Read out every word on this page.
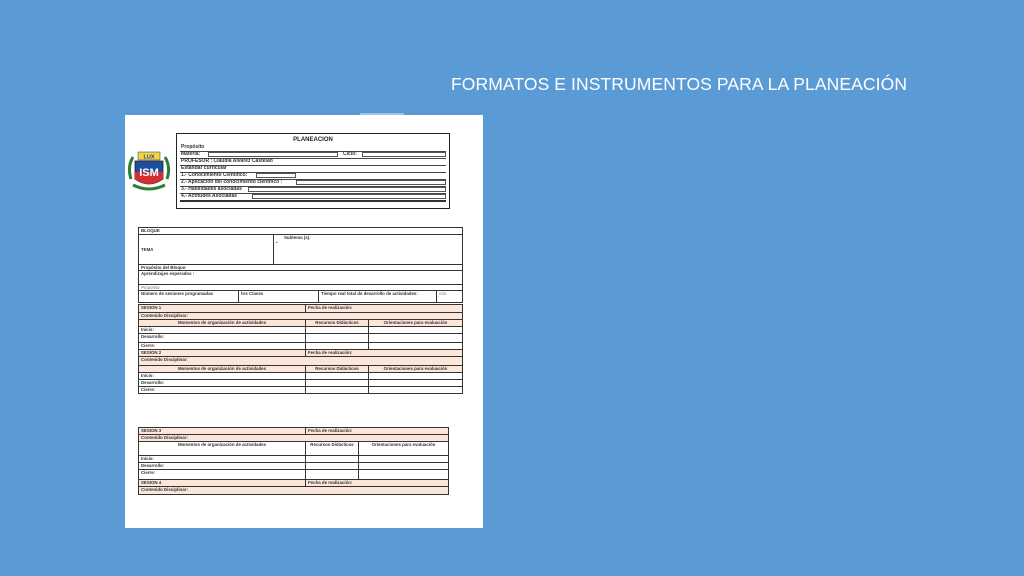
FORMATOS E INSTRUMENTOS PARA LA PLANEACIÓN
LUX
ISM
PLANEACION
Propósito
Materia:	Ciclo:
PROFESOR : Claudia Alvarez Castelán
Estándar curricular
1.- Conocimiento Científico:
2.- Aplicación del conocimiento científico :
3.- Habilidades asociadas
4.- Actitudes Asociadas
BLOQUE				
TEMA		Subtema (s).
•		

Propósito del Bloque:				
Aprendizajes esperados :				
Propósito:				
Número de sesiones programadas	hrs Clases		Tiempo real total de desarrollo de actividades:	min.
SESION 1	Fecha de realización:	
Contenido Disciplinar:		
Momentos de organización de actividades	Recursos Didácticos	Orientaciones para evaluación
Inicio:		
Desarrollo:		
Cierre:		
SESION 2	Fecha de realización:	
Contenido Disciplinar:		
Momentos de organización de actividades	Recursos Didácticos	Orientaciones para evaluación
Inicio:		
Desarrollo:		
Cierre:		
SESION 3	Fecha de realización:	
Contenido Disciplinar:		
Momentos de organización de actividades	Recursos Didácticos	Orientaciones para evaluación
Inicio:		
Desarrollo:		
Cierre:		
SESION 4	Fecha de realización:	
Contenido Disciplinar:		
